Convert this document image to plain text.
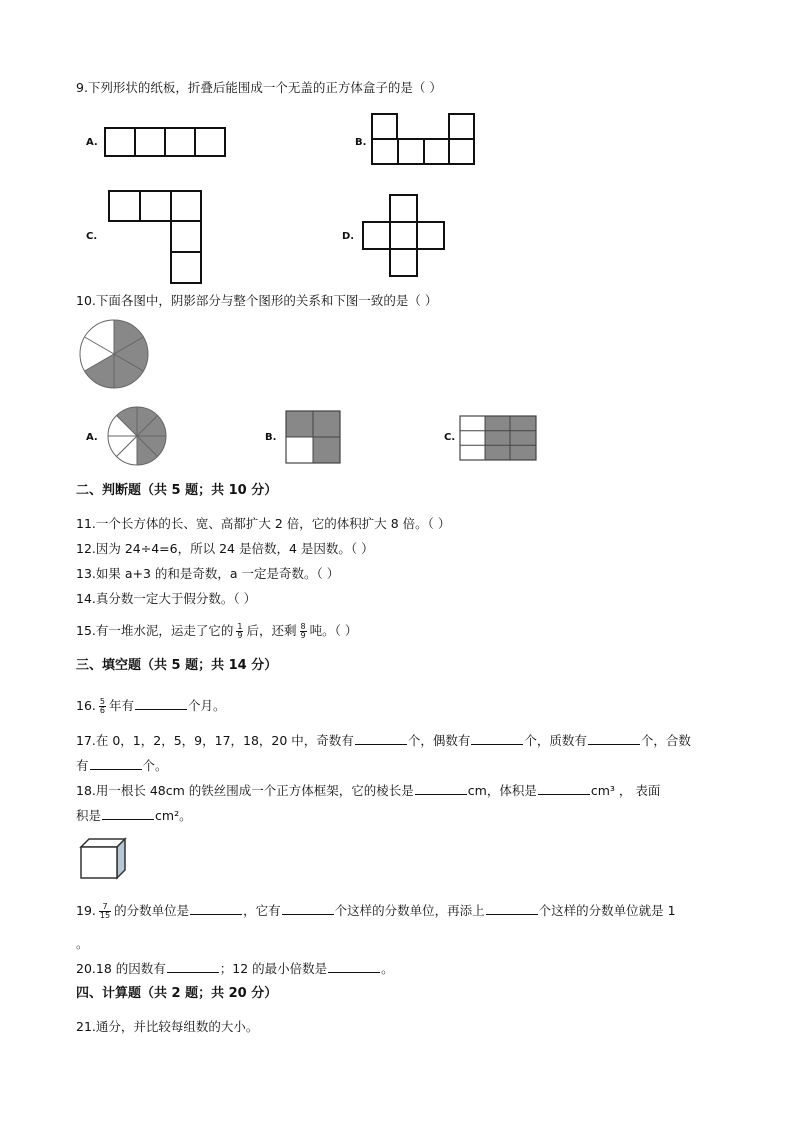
9.下列形状的纸板，折叠后能围成一个无盖的正方体盒子的是（ ）
A.	B.
C.	D.
10.下面各图中，阴影部分与整个图形的关系和下图一致的是（ ）
A.	B.	C.
二、判断题（共 5 题；共 10 分）
11.一个长方体的长、宽、高都扩大 2 倍，它的体积扩大 8 倍。（ ）
12.因为 24÷4=6，所以 24 是倍数，4 是因数。（ ）
13.如果 a+3 的和是奇数，a 一定是奇数。（ ）
14.真分数一定大于假分数。（ ）
15.有一堆水泥，运走了它的 $\frac{1}{9}$ 后，还剩 $\frac{8}{9}$ 吨。（ ）
三、填空题（共 5 题；共 14 分）
16. $\frac{5}{6}$ 年有	个月。
17.在 0，1，2，5，9，17，18，20 中，奇数有	个，偶数有	个，质数有	个，合数
有	个。
18.用一根长 48cm 的铁丝围成一个正方体框架，它的棱长是	cm，体积是	cm³ ， 表面
积是	cm²。
19. $\frac{7}{15}$ 的分数单位是	，它有	个这样的分数单位，再添上	个这样的分数单位就是 1
。
20.18 的因数有	；12 的最小倍数是	。
四、计算题（共 2 题；共 20 分）
21.通分，并比较每组数的大小。
